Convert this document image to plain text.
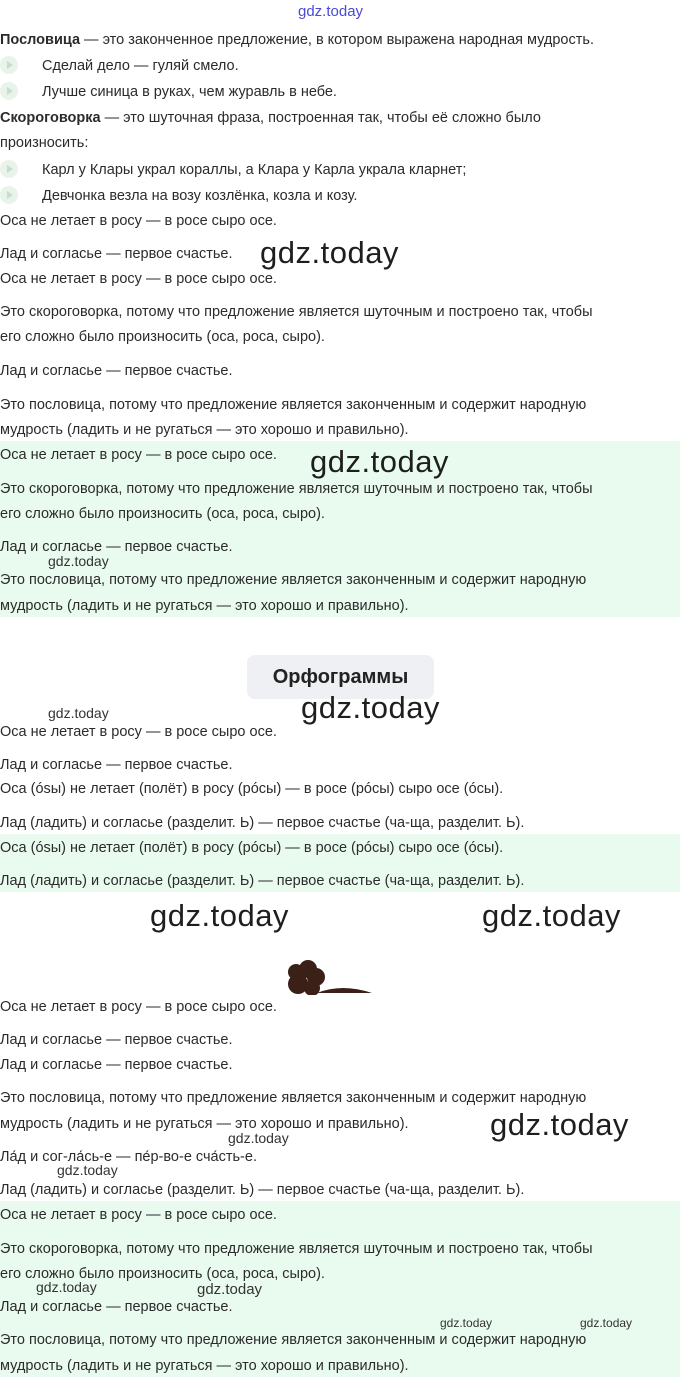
gdz.today
Пословица — это законченное предложение, в котором выражена народная мудрость.
Сделай дело — гуляй смело.
Лучше синица в руках, чем журавль в небе.
Скороговорка — это шуточная фраза, построенная так, чтобы её сложно было
произносить:
Карл у Клары украл кораллы, а Клара у Карла украла кларнет;
Девчонка везла на возу козлёнка, козла и козу.
Оса не летает в росу — в росе сыро осе.
Лад и согласье — первое счастье. gdz.today
Оса не летает в росу — в росе сыро осе.
Это скороговорка, потому что предложение является шуточным и построено так, чтобы
его сложно было произносить (оса, роса, сыро).
Лад и согласье — первое счастье.
Это пословица, потому что предложение является законченным и содержит народную
мудрость (ладить и не ругаться — это хорошо и правильно).
Оса не летает в росу — в росе сыро осе. gdz.today
Это скороговорка, потому что предложение является шуточным и построено так, чтобы
его сложно было произносить (оса, роса, сыро).
Лад и согласье — первое счастье.
gdz.today
Это пословица, потому что предложение является законченным и содержит народную
мудрость (ладить и не ругаться — это хорошо и правильно).
Орфограммы
gdz.today	gdz.today
Оса не летает в росу — в росе сыро осе.
Лад и согласье — первое счастье.
Оса (ósы) не летает (полёт) в росу (рóсы) — в росе (рóсы) сыро осе (óсы).
Лад (ладить) и согласье (разделит. Ь) — первое счастье (ча-ща, разделит. Ь).
Оса (ósы) не летает (полёт) в росу (рóсы) — в росе (рóсы) сыро осе (óсы).
Лад (ладить) и согласье (разделит. Ь) — первое счастье (ча-ща, разделит. Ь).
gdz.today	gdz.today
Оса не летает в росу — в росе сыро осе.
Лад и согласье — первое счастье.
Лад и согласье — первое счастье.
Это пословица, потому что предложение является законченным и содержит народную
мудрость (ладить и не ругаться — это хорошо и правильно).	gdz.today
gdz.today
Ла́д и сог-ла́сь-е — пе́р-во-е сча́сть-е.
gdz.today
Лад (ладить) и согласье (разделит. Ь) — первое счастье (ча-ща, разделит. Ь).
Оса не летает в росу — в росе сыро осе.
Это скороговорка, потому что предложение является шуточным и построено так, чтобы
его сложно было произносить (оса, роса, сыро).
gdz.today	gdz.today
Лад и согласье — первое счастье.
gdz.today	gdz.today
Это пословица, потому что предложение является законченным и содержит народную
мудрость (ладить и не ругаться — это хорошо и правильно).
